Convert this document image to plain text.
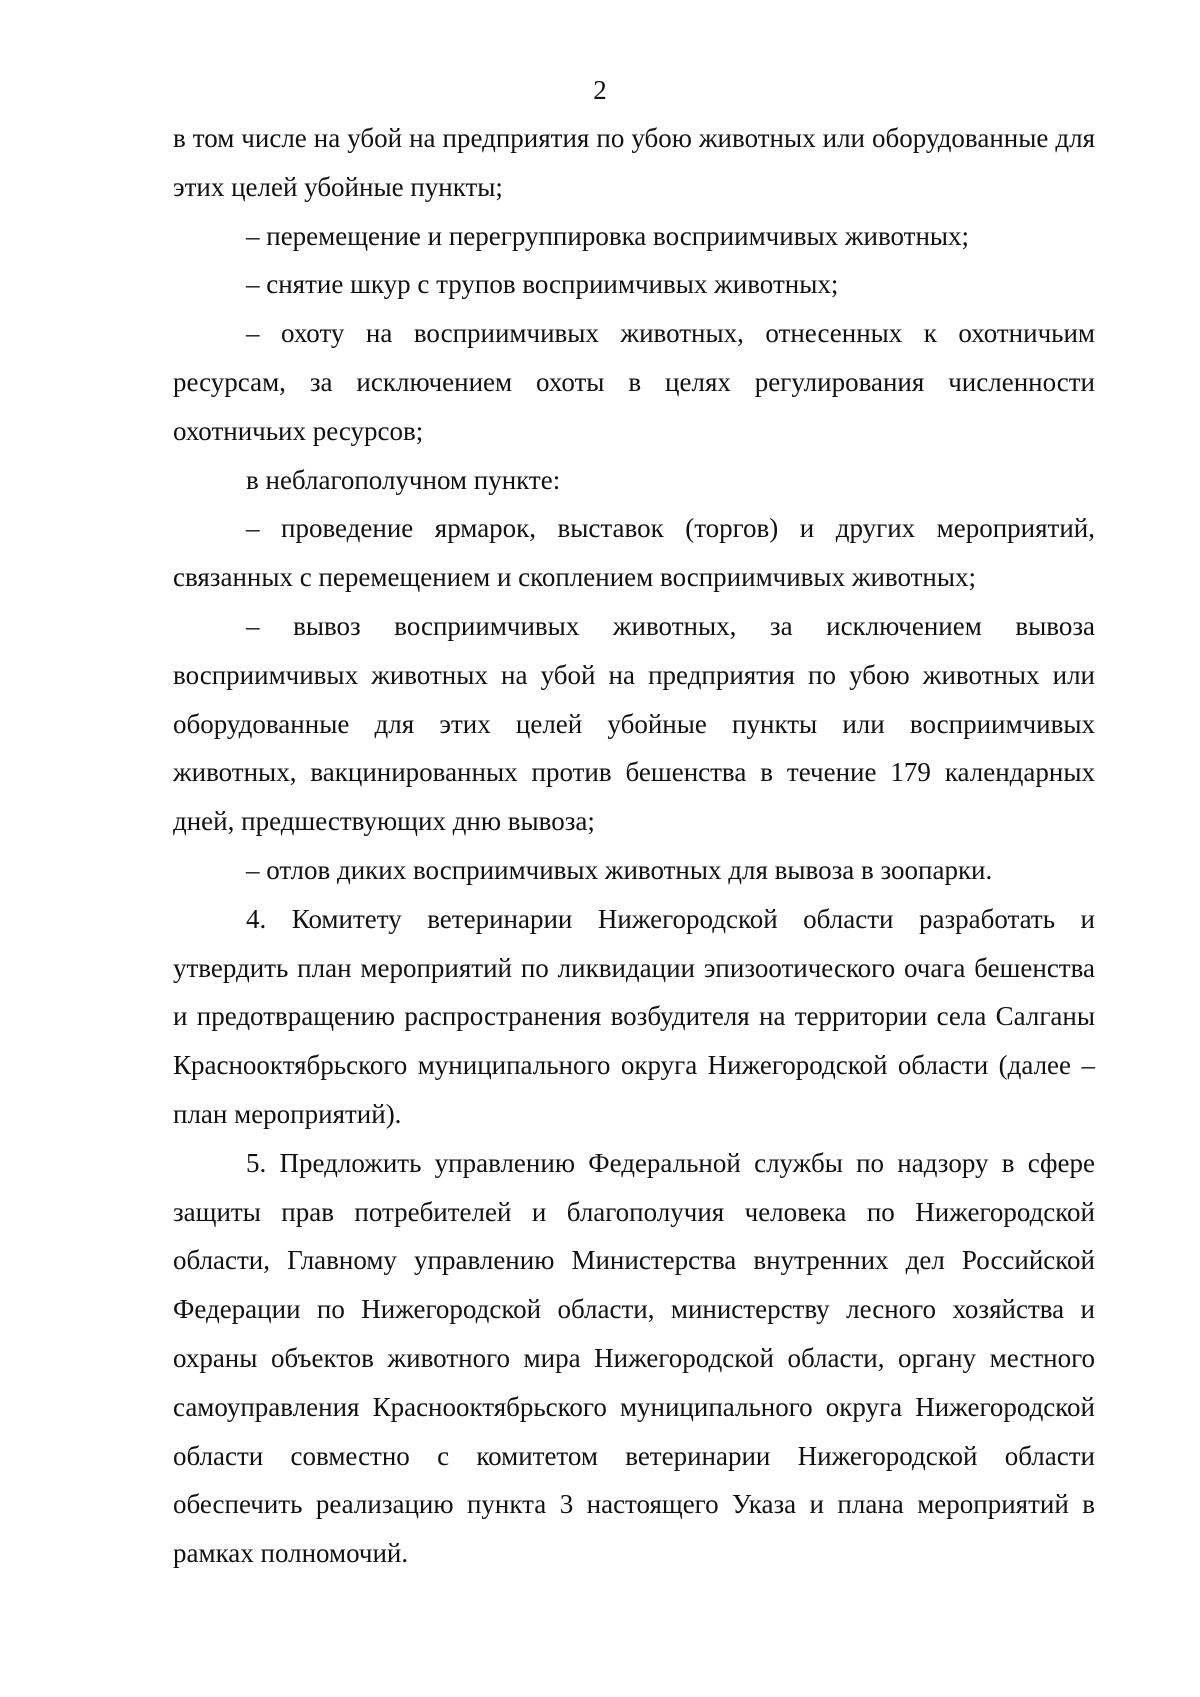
2

в том числе на убой на предприятия по убою животных или оборудованные для этих целей убойные пункты;

– перемещение и перегруппировка восприимчивых животных;

– снятие шкур с трупов восприимчивых животных;

– охоту на восприимчивых животных, отнесенных к охотничьим ресурсам, за исключением охоты в целях регулирования численности охотничьих ресурсов;

в неблагополучном пункте:

– проведение ярмарок, выставок (торгов) и других мероприятий, связанных с перемещением и скоплением восприимчивых животных;

– вывоз восприимчивых животных, за исключением вывоза восприимчивых животных на убой на предприятия по убою животных или оборудованные для этих целей убойные пункты или восприимчивых животных, вакцинированных против бешенства в течение 179 календарных дней, предшествующих дню вывоза;

– отлов диких восприимчивых животных для вывоза в зоопарки.

4. Комитету ветеринарии Нижегородской области разработать и утвердить план мероприятий по ликвидации эпизоотического очага бешенства и предотвращению распространения возбудителя на территории села Салганы Краснооктябрьского муниципального округа Нижегородской области (далее – план мероприятий).

5. Предложить управлению Федеральной службы по надзору в сфере защиты прав потребителей и благополучия человека по Нижегородской области, Главному управлению Министерства внутренних дел Российской Федерации по Нижегородской области, министерству лесного хозяйства и охраны объектов животного мира Нижегородской области, органу местного самоуправления Краснооктябрьского муниципального округа Нижегородской области совместно с комитетом ветеринарии Нижегородской области обеспечить реализацию пункта 3 настоящего Указа и плана мероприятий в рамках полномочий.
